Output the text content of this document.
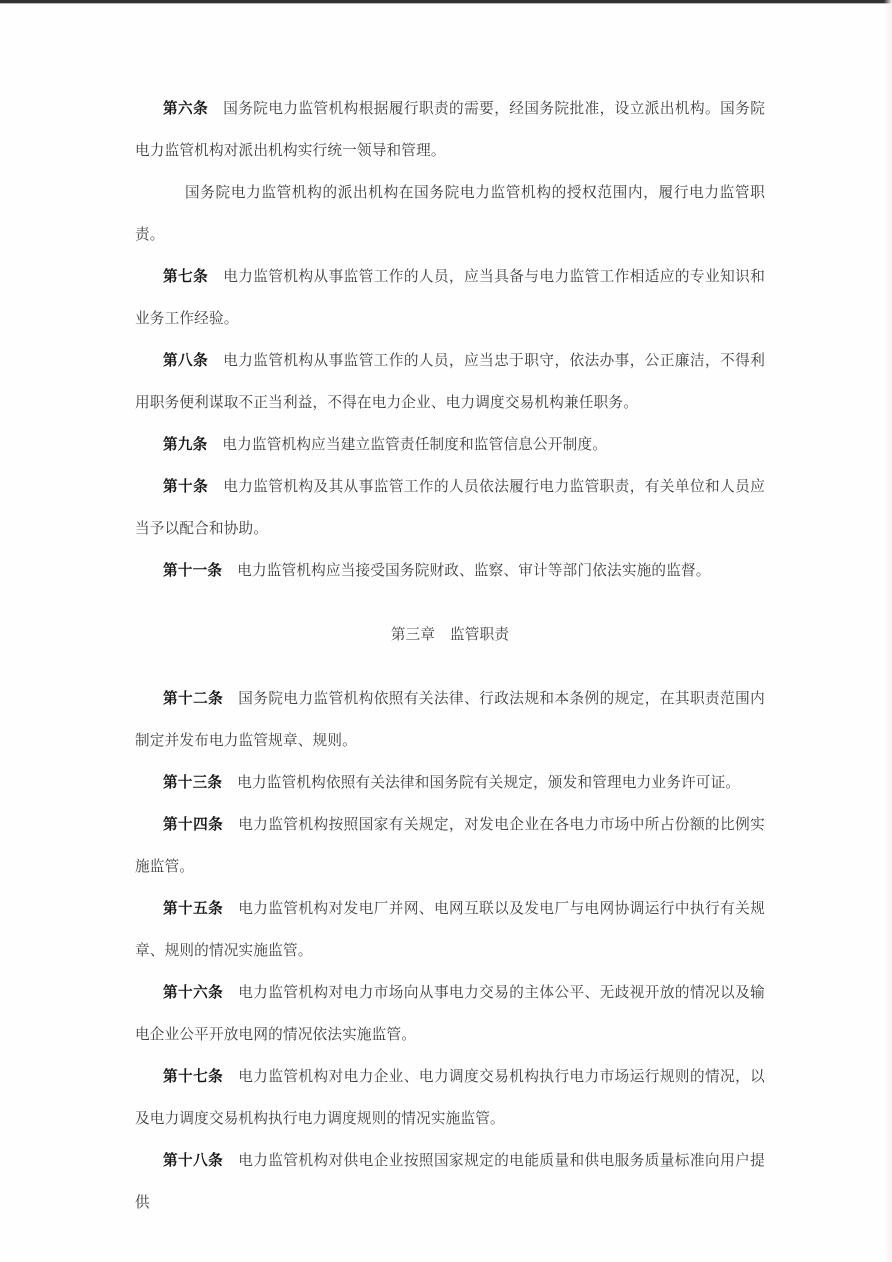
第六条 国务院电力监管机构根据履行职责的需要，经国务院批准，设立派出机构。国务院电力监管机构对派出机构实行统一领导和管理。

国务院电力监管机构的派出机构在国务院电力监管机构的授权范围内，履行电力监管职责。

第七条 电力监管机构从事监管工作的人员，应当具备与电力监管工作相适应的专业知识和业务工作经验。

第八条 电力监管机构从事监管工作的人员，应当忠于职守，依法办事，公正廉洁，不得利用职务便利谋取不正当利益，不得在电力企业、电力调度交易机构兼任职务。

第九条 电力监管机构应当建立监管责任制度和监管信息公开制度。

第十条 电力监管机构及其从事监管工作的人员依法履行电力监管职责，有关单位和人员应当予以配合和协助。

第十一条 电力监管机构应当接受国务院财政、监察、审计等部门依法实施的监督。

第三章　监管职责

第十二条 国务院电力监管机构依照有关法律、行政法规和本条例的规定，在其职责范围内制定并发布电力监管规章、规则。

第十三条 电力监管机构依照有关法律和国务院有关规定，颁发和管理电力业务许可证。

第十四条 电力监管机构按照国家有关规定，对发电企业在各电力市场中所占份额的比例实施监管。

第十五条 电力监管机构对发电厂并网、电网互联以及发电厂与电网协调运行中执行有关规章、规则的情况实施监管。

第十六条 电力监管机构对电力市场向从事电力交易的主体公平、无歧视开放的情况以及输电企业公平开放电网的情况依法实施监管。

第十七条 电力监管机构对电力企业、电力调度交易机构执行电力市场运行规则的情况，以及电力调度交易机构执行电力调度规则的情况实施监管。

第十八条 电力监管机构对供电企业按照国家规定的电能质量和供电服务质量标准向用户提供
